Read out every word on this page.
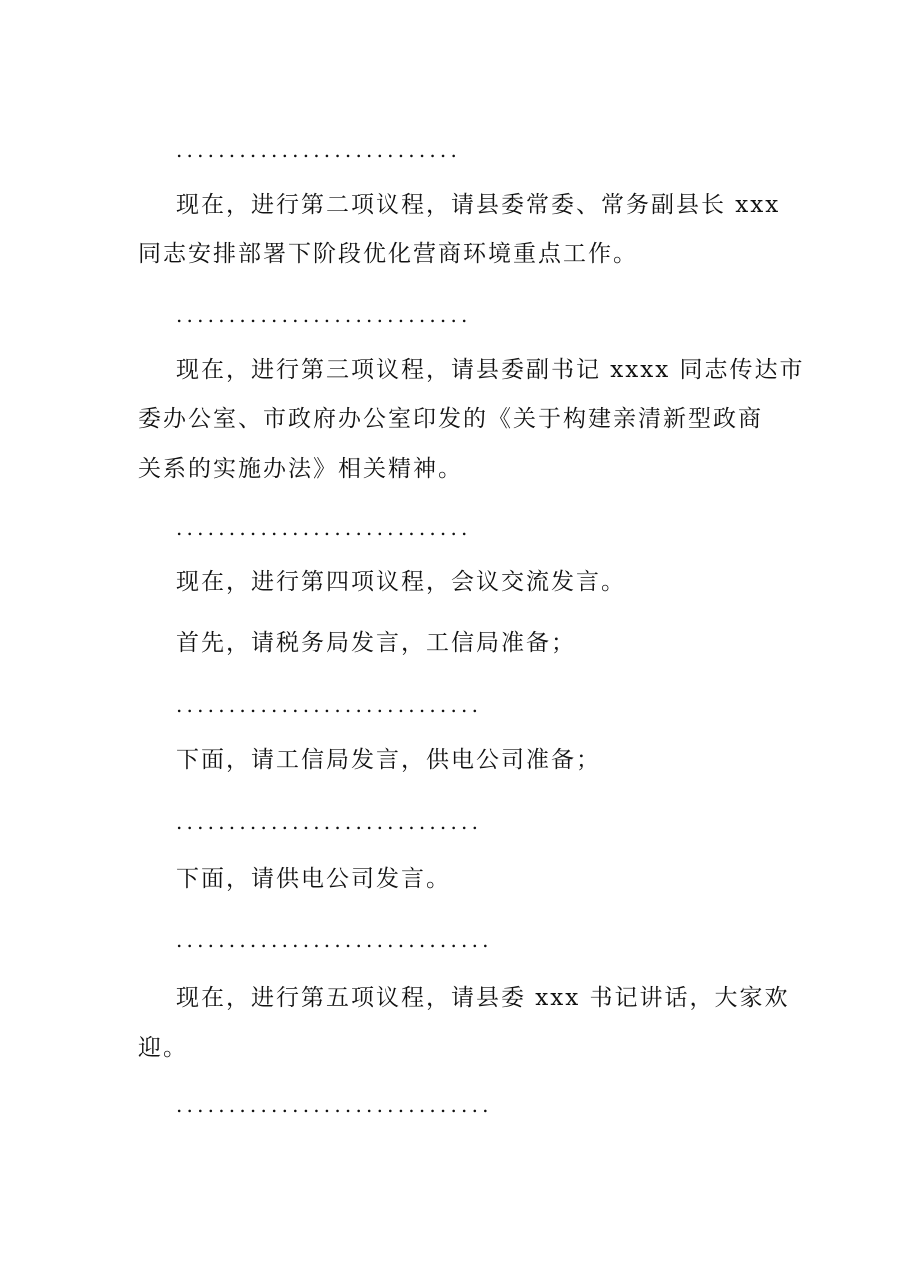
...........................
现在，进行第二项议程，请县委常委、常务副县长 xxx
同志安排部署下阶段优化营商环境重点工作。
............................
现在，进行第三项议程，请县委副书记 xxxx 同志传达市
委办公室、市政府办公室印发的《关于构建亲清新型政商
关系的实施办法》相关精神。
............................
现在，进行第四项议程，会议交流发言。
首先，请税务局发言，工信局准备；
.............................
下面，请工信局发言，供电公司准备；
.............................
下面，请供电公司发言。
..............................
现在，进行第五项议程，请县委 xxx 书记讲话，大家欢
迎。
..............................
